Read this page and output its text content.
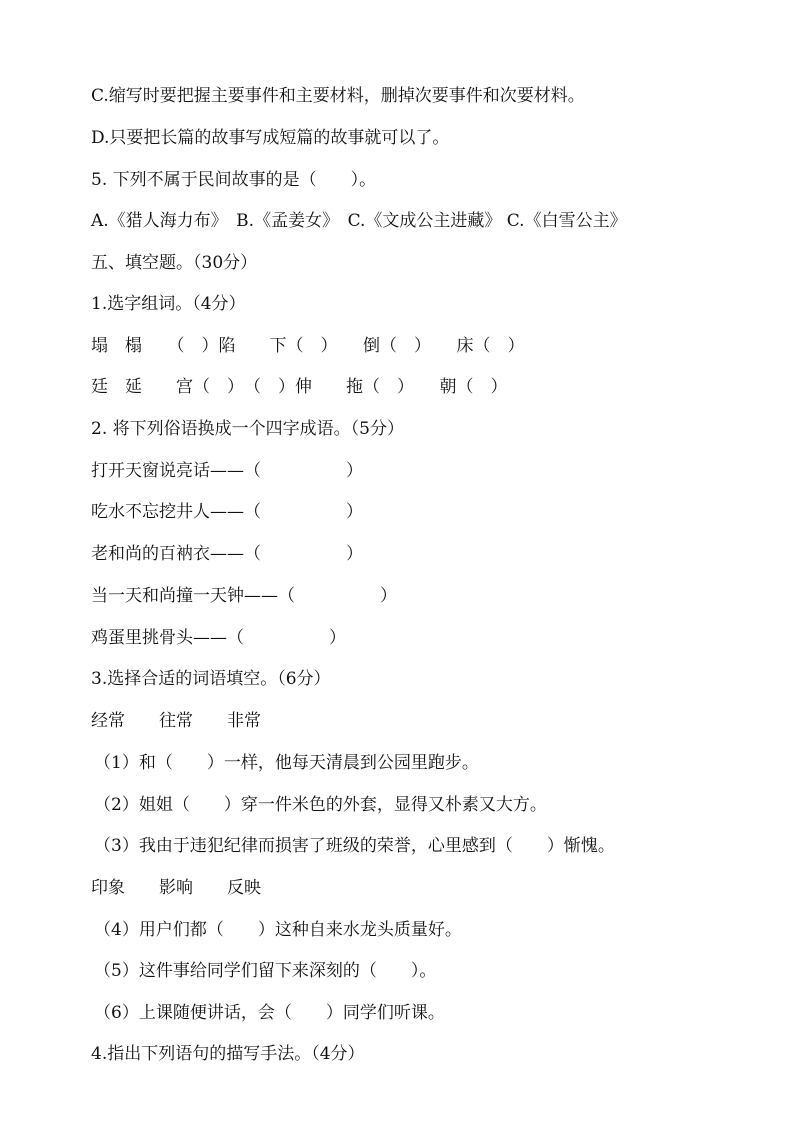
C.缩写时要把握主要事件和主要材料，删掉次要事件和次要材料。
D.只要把长篇的故事写成短篇的故事就可以了。
5. 下列不属于民间故事的是（　　）。
A.《猎人海力布》　B.《孟姜女》　C.《文成公主进藏》 C.《白雪公主》
五、填空题。（30分）
1.选字组词。（4分）
塌　榻　　（　）陷　　下（　）　　倒（　）　　床（　）
廷　延　　宫（　）　（　）伸　　拖（　）　　朝（　）
2. 将下列俗语换成一个四字成语。（5分）
打开天窗说亮话——（　　　　　）
吃水不忘挖井人——（　　　　　）
老和尚的百衲衣——（　　　　　）
当一天和尚撞一天钟——（　　　　　）
鸡蛋里挑骨头——（　　　　　）
3.选择合适的词语填空。（6分）
经常　　往常　　非常
（1）和（　　）一样，他每天清晨到公园里跑步。
（2）姐姐（　　）穿一件米色的外套，显得又朴素又大方。
（3）我由于违犯纪律而损害了班级的荣誉，心里感到（　　）惭愧。
印象　　影响　　反映
（4）用户们都（　　）这种自来水龙头质量好。
（5）这件事给同学们留下来深刻的（　　）。
（6）上课随便讲话，会（　　）同学们听课。
4.指出下列语句的描写手法。（4分）
